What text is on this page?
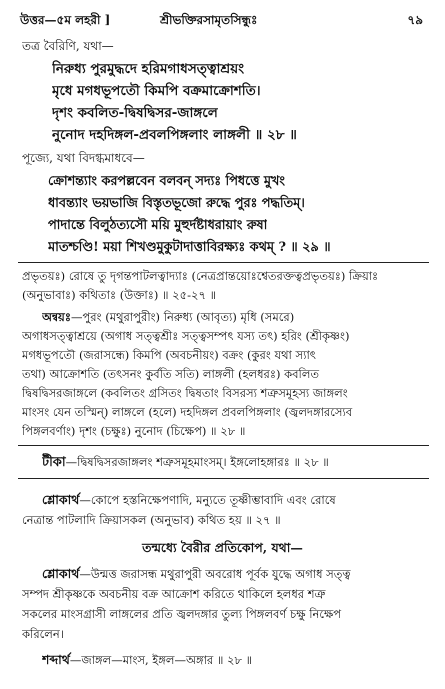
উত্তর—৫ম লহরী ]	শ্রীভক্তিরসামৃতসিন্ধুঃ	৭৯
তত্র বৈরিণি, যথা—
নিরুধ্য পুরমুদ্ধদে হরিমগাধসত্ত্বাশ্রয়ং
মৃধে মগধভূপতৌ কিমপি বক্রমাক্রোশতি।
দৃশং কবলিত-দ্বিষদ্বিসর-জাঙ্গলে
নুনোদ দহদিঙ্গল-প্রবলপিঙ্গলাং লাঙ্গলী ॥ ২৮ ॥
পূজ্যে, যথা বিদগ্ধমাধবে—
ক্রোশন্ত্যাং করপল্লবেন বলবন্ সদ্যঃ পিধত্তে মুখং
ধাবন্ত্যাং ভয়ভাজি বিস্তৃতভূজো রুদ্ধে পুরঃ পদ্ধতিম্।
পাদান্তে বিলুঠত্যসৌ ময়ি মুহুর্দষ্টাধরায়াং রুষা
মাতশ্চণ্ডি! ময়া শিখণ্ডমুকুটাদাত্তাবিরক্ষ্যঃ কথম্ ? ॥ ২৯ ॥
প্রভৃতয়ঃ) রোষে তু দৃগন্তপাটলত্বাদ্যাঃ (নেত্রপ্রান্তয়োঃশ্বেতরক্তত্বপ্রভৃতয়ঃ) ক্রিয়াঃ
(অনুভাবাঃ) কথিতাঃ (উক্তাঃ) ॥ ২৫-২৭ ॥
অন্বয়ঃ—পুরং (মথুরাপুরীং) নিরুধ্য (আবৃত্য) মৃধি (সমরে)
অগাধসত্ত্বাশ্রয়ে (অগাধ সত্ত্বশ্রীঃ সত্ত্বসম্পৎ যস্য তৎ) হরিং (শ্রীকৃষ্ণং)
মগধভূপতৌ (জরাসন্ধে) কিমপি (অবচনীয়ং) বক্রং (কুরং যথা স্যাৎ
তথা) আক্রোশতি (তৎসনং কুর্বতি সতি) লাঙ্গলী (হলধরঃ) কবলিত
দ্বিষদ্বিসরজাঙ্গলে (কবলিতং গ্রসিতং দ্বিষতাং বিসরস্য শত্রুসমূহস্য জাঙ্গলং
মাংসং যেন তস্মিন্) লাঙ্গলে (হলে) দহদিঙ্গল প্রবলপিঙ্গলাং (জ্বলদঙ্গারস্যেব
পিঙ্গলবর্ণাং) দৃশং (চক্ষুঃ) নুনোদ (চিক্ষেপ) ॥ ২৮ ॥
টীকা—দ্বিষদ্বিসরজাঙ্গলং শত্রুসমূহমাংসম্। ইঙ্গলোহঙ্গারঃ ॥ ২৮ ॥
শ্লোকার্থ—কোপে হস্তনিক্ষেপণাদি, মন্যুতে তূষ্ণীম্ভাবাদি এবং রোষে
নেত্রান্ত পাটলাদি ক্রিয়াসকল (অনুভাব) কথিত হয় ॥ ২৭ ॥
তন্মধ্যে বৈরীর প্রতিকোপ, যথা—
শ্লোকার্থ—উন্মত্ত জরাসন্ধ মথুরাপুরী অবরোধ পূর্বক যুদ্ধে অগাধ সত্ত্ব
সম্পদ শ্রীকৃষ্ণকে অবচনীয় বক্র আক্রোশ করিতে থাকিলে হলধর শত্রু
সকলের মাংসগ্রাসী লাঙ্গলের প্রতি জ্বলদঙ্গার তুল্য পিঙ্গলবর্ণ চক্ষু নিক্ষেপ
করিলেন।
শব্দার্থ—জাঙ্গল—মাংস, ইঙ্গল—অঙ্গার ॥ ২৮ ॥
